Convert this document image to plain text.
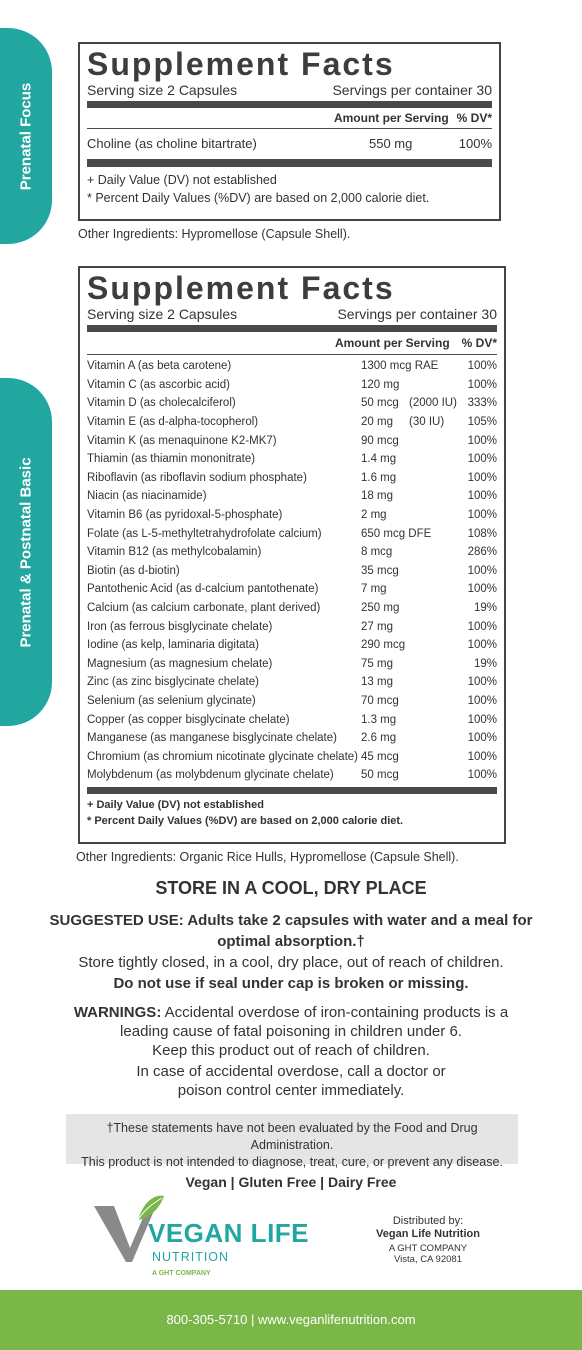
Prenatal Focus
Prenatal & Postnatal Basic
Supplement Facts
Serving size 2 Capsules	Servings per container 30
Amount per Serving % DV*
Choline (as choline bitartrate)	550 mg	100%
+ Daily Value (DV) not established
* Percent Daily Values (%DV) are based on 2,000 calorie diet.
Other Ingredients: Hypromellose (Capsule Shell).
Supplement Facts
Serving size 2 Capsules	Servings per container 30
Amount per Serving % DV*
Vitamin A (as beta carotene)	1300 mcg RAE	100%
Vitamin C (as ascorbic acid)	120 mg	100%
Vitamin D (as cholecalciferol)	50 mcg (2000 IU) 333%
Vitamin E (as d-alpha-tocopherol)	20 mg (30 IU) 105%
Vitamin K (as menaquinone K2-MK7)	90 mcg	100%
Thiamin (as thiamin mononitrate)	1.4 mg	100%
Riboflavin (as riboflavin sodium phosphate)	1.6 mg	100%
Niacin (as niacinamide)	18 mg	100%
Vitamin B6 (as pyridoxal-5-phosphate)	2 mg	100%
Folate (as L-5-methyltetrahydrofolate calcium)	650 mcg DFE	108%
Vitamin B12 (as methylcobalamin)	8 mcg	286%
Biotin (as d-biotin)	35 mcg	100%
Pantothenic Acid (as d-calcium pantothenate)	7 mg	100%
Calcium (as calcium carbonate, plant derived)	250 mg	19%
Iron (as ferrous bisglycinate chelate)	27 mg	100%
Iodine (as kelp, laminaria digitata)	290 mcg	100%
Magnesium (as magnesium chelate)	75 mg	19%
Zinc (as zinc bisglycinate chelate)	13 mg	100%
Selenium (as selenium glycinate)	70 mcg	100%
Copper (as copper bisglycinate chelate)	1.3 mg	100%
Manganese (as manganese bisglycinate chelate) 2.6 mg	100%
Chromium (as chromium nicotinate glycinate chelate) 45 mcg	100%
Molybdenum (as molybdenum glycinate chelate) 50 mcg	100%
+ Daily Value (DV) not established
* Percent Daily Values (%DV) are based on 2,000 calorie diet.
Other Ingredients: Organic Rice Hulls, Hypromellose (Capsule Shell).
STORE IN A COOL, DRY PLACE
SUGGESTED USE: Adults take 2 capsules with water and a meal for
optimal absorption.†
Store tightly closed, in a cool, dry place, out of reach of children.
Do not use if seal under cap is broken or missing.
WARNINGS: Accidental overdose of iron-containing products is a
leading cause of fatal poisoning in children under 6.
Keep this product out of reach of children.
In case of accidental overdose, call a doctor or
poison control center immediately.
†These statements have not been evaluated by the Food and Drug Administration.
This product is not intended to diagnose, treat, cure, or prevent any disease.
Vegan | Gluten Free | Dairy Free
VEGAN LIFE
NUTRITION
A GHT COMPANY
Distributed by:
Vegan Life Nutrition
A GHT COMPANY
Vista, CA 92081
800-305-5710 | www.veganlifenutrition.com
